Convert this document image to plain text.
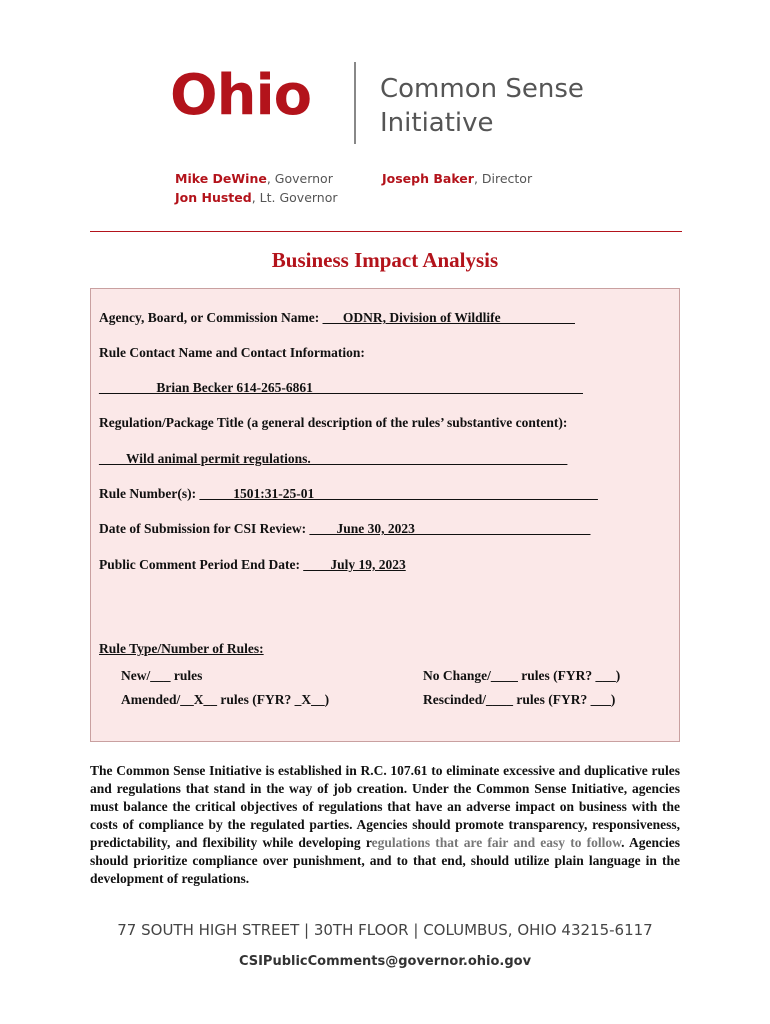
Ohio	Common Sense
Initiative
Mike DeWine, Governor
Jon Husted, Lt. Governor
Joseph Baker, Director
Business Impact Analysis
Agency, Board, or Commission Name: ___ODNR, Division of Wildlife___________
Rule Contact Name and Contact Information:
________ Brian Becker 614-265-6861________________________________________
Regulation/Package Title (a general description of the rules’ substantive content):
____Wild animal permit regulations.______________________________________
Rule Number(s): _____1501:31-25-01__________________________________________
Date of Submission for CSI Review: ____June 30, 2023__________________________
Public Comment Period End Date: ____July 19, 2023
Rule Type/Number of Rules:
New/___ rules	No Change/____ rules (FYR? ___)
Amended/__X__ rules (FYR? _X__)	Rescinded/____ rules (FYR? ___)
The Common Sense Initiative is established in R.C. 107.61 to eliminate excessive and duplicative rules and regulations that stand in the way of job creation. Under the Common Sense Initiative, agencies must balance the critical objectives of regulations that have an adverse impact on business with the costs of compliance by the regulated parties. Agencies should promote transparency, responsiveness, predictability, and flexibility while developing regulations that are fair and easy to follow. Agencies should prioritize compliance over punishment, and to that end, should utilize plain language in the development of regulations.
77 SOUTH HIGH STREET | 30TH FLOOR | COLUMBUS, OHIO 43215-6117
CSIPublicComments@governor.ohio.gov
